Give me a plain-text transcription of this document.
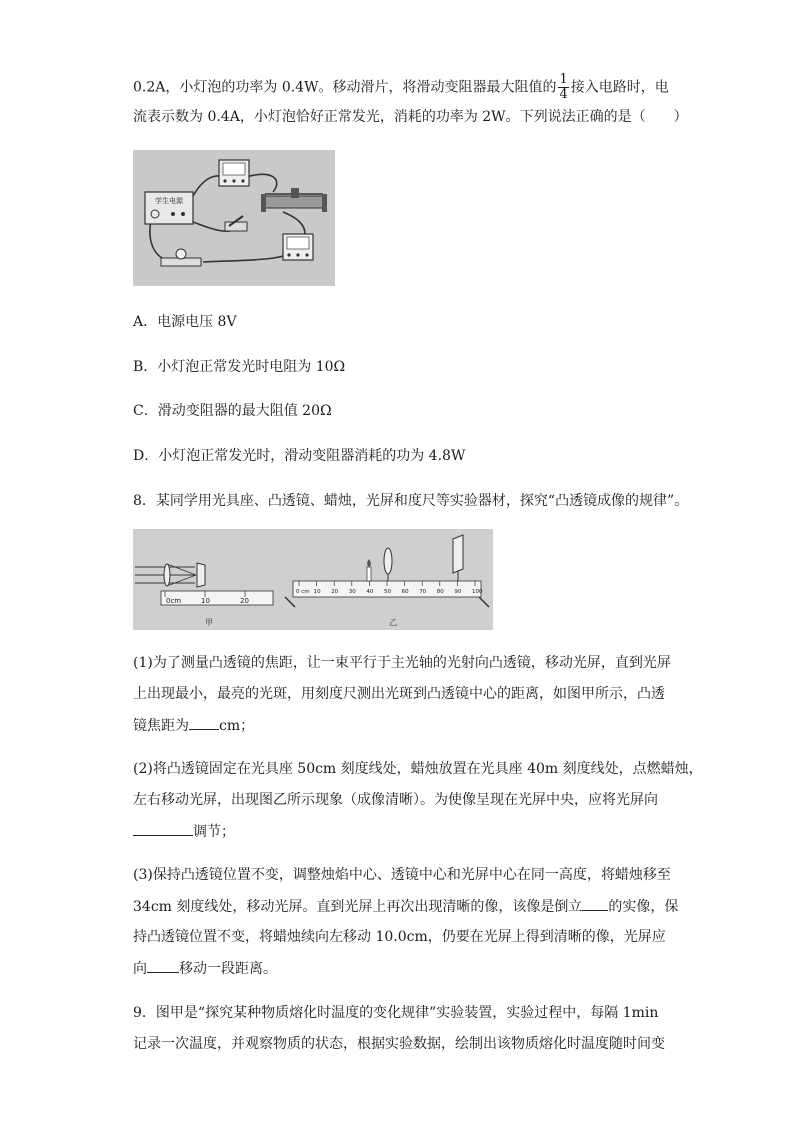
0.2A，小灯泡的功率为 0.4W。移动滑片，将滑动变阻器最大阻值的 $\frac{1}{4}$ 接入电路时，电
流表示数为 0.4A，小灯泡恰好正常发光，消耗的功率为 2W。下列说法正确的是（　　）
学生电源
A．电源电压 8V
B．小灯泡正常发光时电阻为 10Ω
C．滑动变阻器的最大阻值 20Ω
D．小灯泡正常发光时，滑动变阻器消耗的功为 4.8W
8．某同学用光具座、凸透镜、蜡烛，光屏和度尺等实验器材，探究“凸透镜成像的规律”。
0cm	10	20
甲
0 cm 10 20 30 40 50 60 70 80 90 100
乙
(1)为了测量凸透镜的焦距，让一束平行于主光轴的光射向凸透镜，移动光屏，直到光屏
上出现最小，最亮的光斑，用刻度尺测出光斑到凸透镜中心的距离，如图甲所示，凸透
镜焦距为 cm；
(2)将凸透镜固定在光具座 50cm 刻度线处，蜡烛放置在光具座 40m 刻度线处，点燃蜡烛，
左右移动光屏，出现图乙所示现象（成像清晰）。为使像呈现在光屏中央，应将光屏向
调节；
(3)保持凸透镜位置不变，调整烛焰中心、透镜中心和光屏中心在同一高度，将蜡烛移至
34cm 刻度线处，移动光屏。直到光屏上再次出现清晰的像，该像是倒立 的实像，保
持凸透镜位置不变，将蜡烛续向左移动 10.0cm，仍要在光屏上得到清晰的像，光屏应
向 移动一段距离。
9．图甲是“探究某种物质熔化时温度的变化规律”实验装置，实验过程中，每隔 1min
记录一次温度，并观察物质的状态，根据实验数据，绘制出该物质熔化时温度随时间变
